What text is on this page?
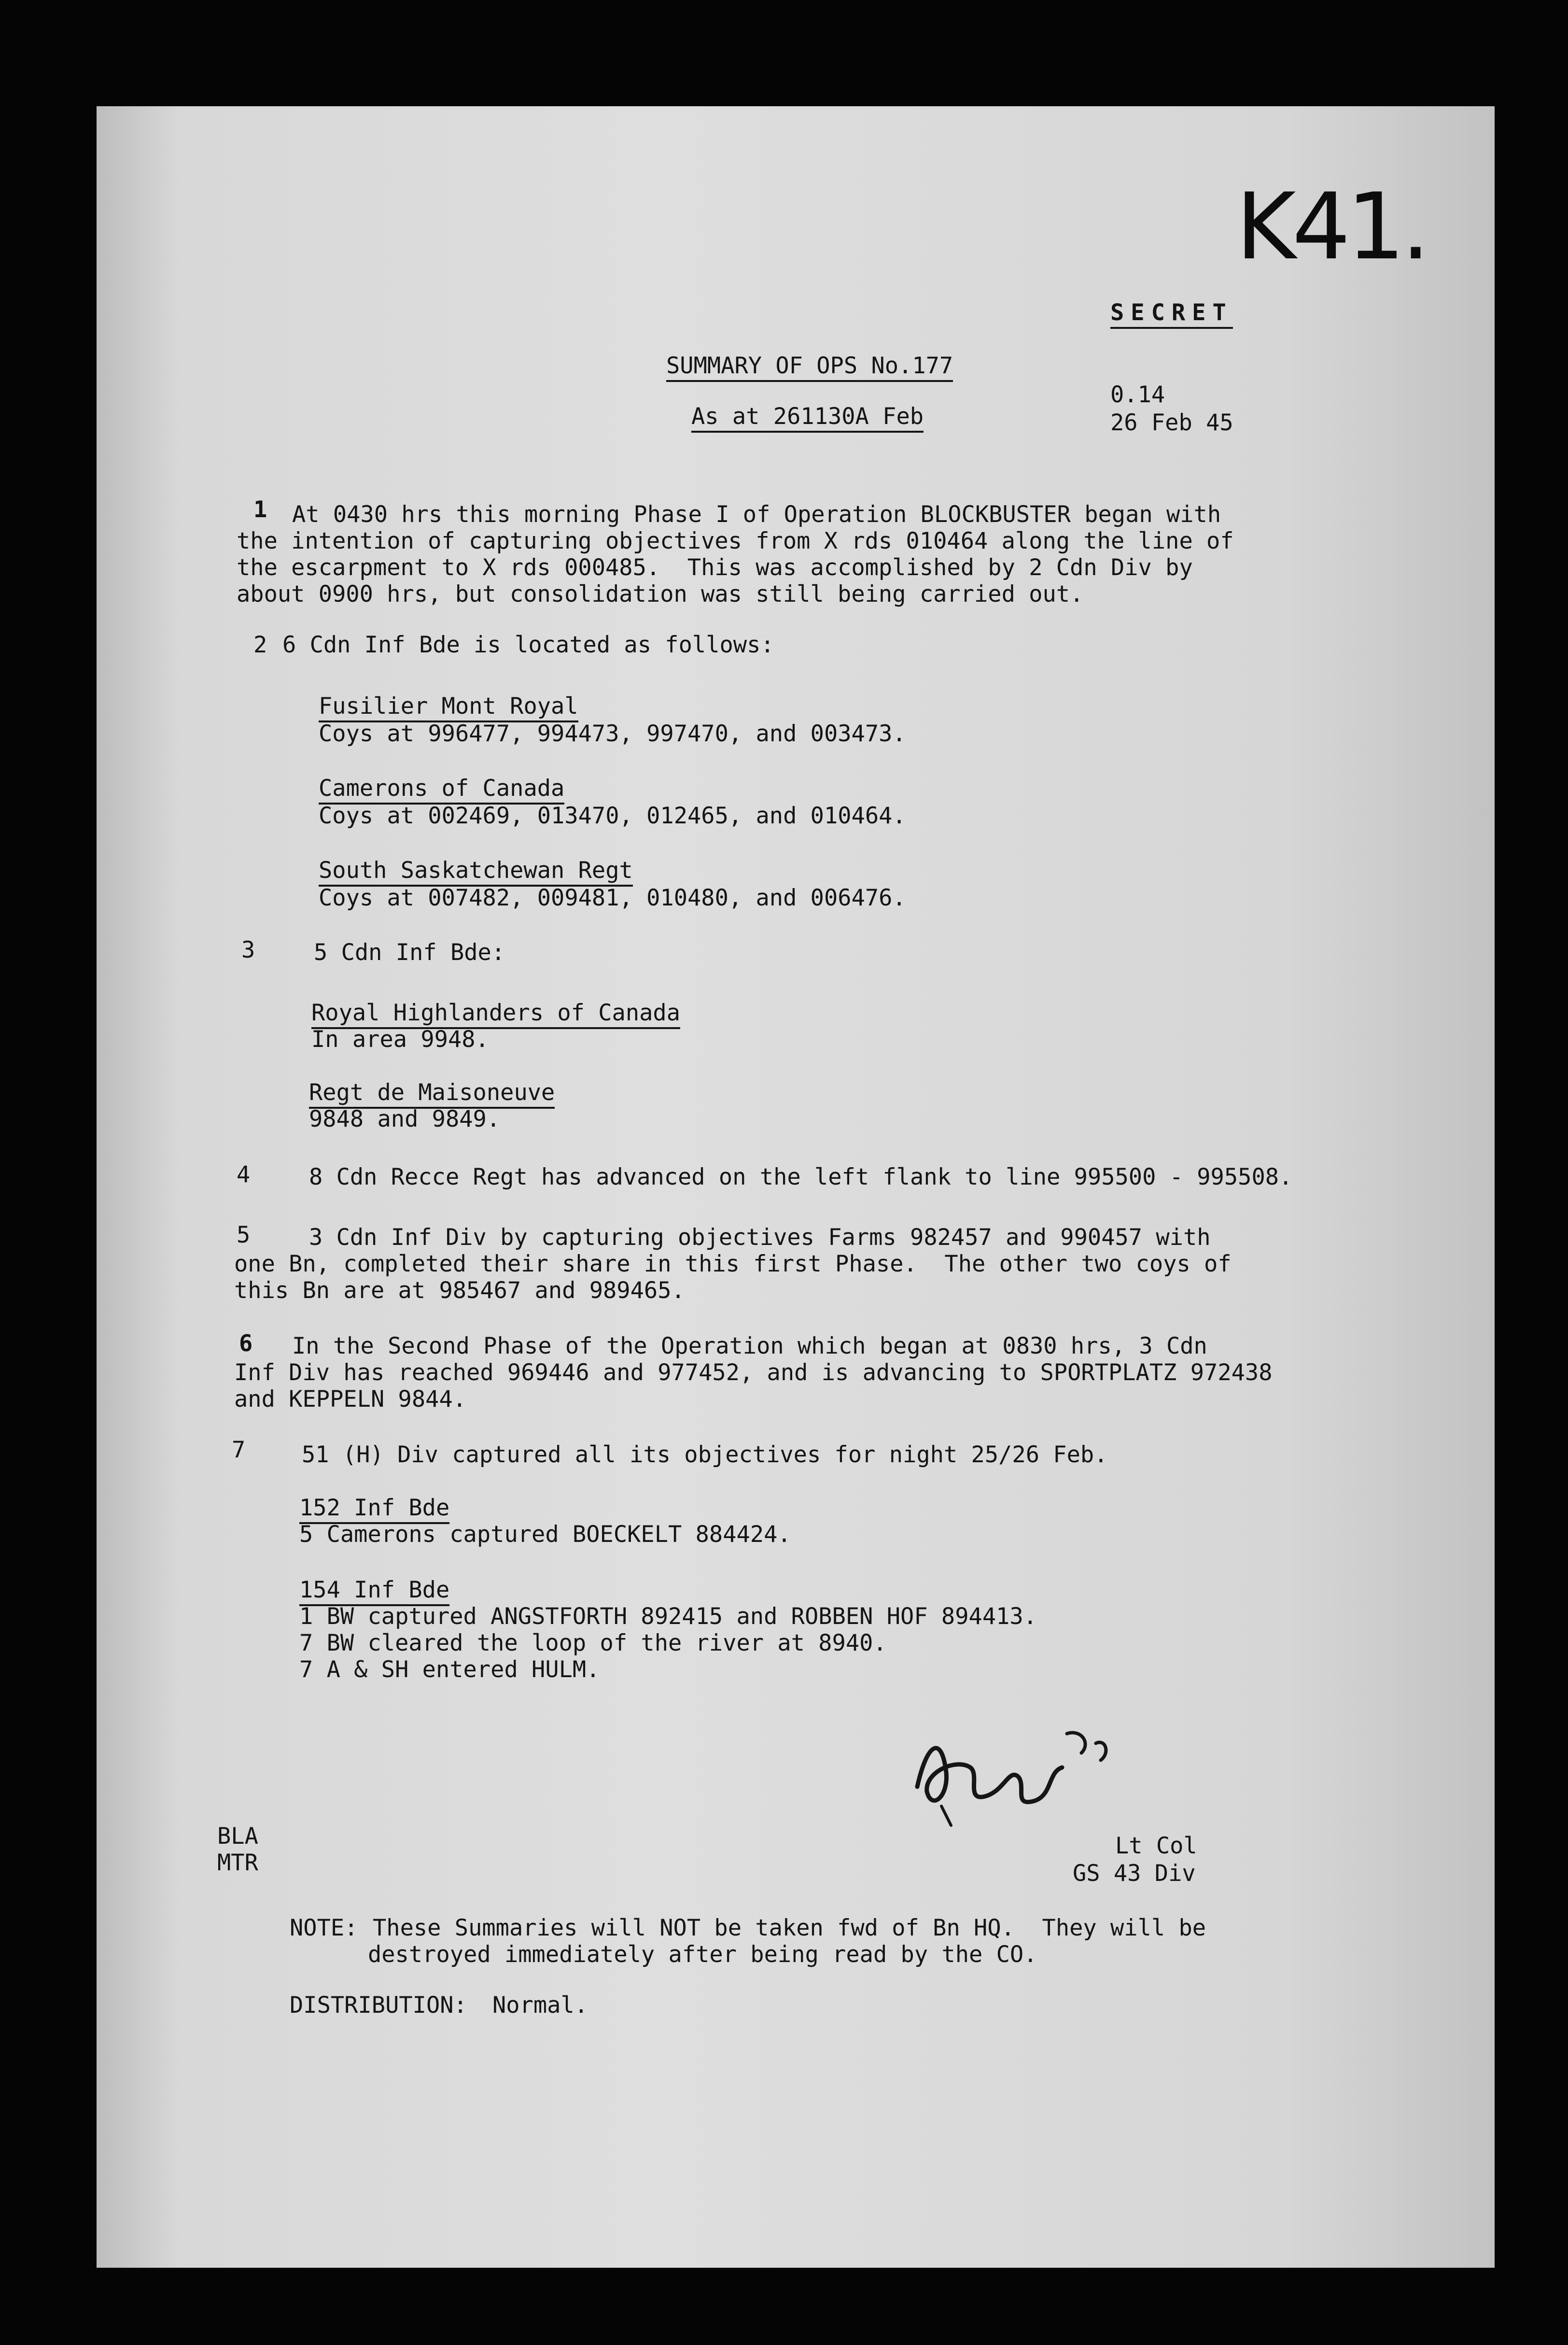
K41.
SECRET
SUMMARY OF OPS No.177
As at 261130A Feb
0.14
26 Feb 45
1 At 0430 hrs this morning Phase I of Operation BLOCKBUSTER began with
the intention of capturing objectives from X rds 010464 along the line of
the escarpment to X rds 000485.  This was accomplished by 2 Cdn Div by
about 0900 hrs, but consolidation was still being carried out.
2 6 Cdn Inf Bde is located as follows:
Fusilier Mont Royal
Coys at 996477, 994473, 997470, and 003473.
Camerons of Canada
Coys at 002469, 013470, 012465, and 010464.
South Saskatchewan Regt
Coys at 007482, 009481, 010480, and 006476.
3	5 Cdn Inf Bde:
Royal Highlanders of Canada
In area 9948.
Regt de Maisoneuve
9848 and 9849.
4	8 Cdn Recce Regt has advanced on the left flank to line 995500 - 995508.
5	3 Cdn Inf Div by capturing objectives Farms 982457 and 990457 with
one Bn, completed their share in this first Phase.  The other two coys of
this Bn are at 985467 and 989465.
6 In the Second Phase of the Operation which began at 0830 hrs, 3 Cdn
Inf Div has reached 969446 and 977452, and is advancing to SPORTPLATZ 972438
and KEPPELN 9844.
7 51 (H) Div captured all its objectives for night 25/26 Feb.
152 Inf Bde
5 Camerons captured BOECKELT 884424.
154 Inf Bde
1 BW captured ANGSTFORTH 892415 and ROBBEN HOF 894413.
7 BW cleared the loop of the river at 8940.
7 A & SH entered HULM.
BLA
MTR
Lt Col
GS 43 Div
NOTE: These Summaries will NOT be taken fwd of Bn HQ.  They will be
destroyed immediately after being read by the CO.
DISTRIBUTION: Normal.
